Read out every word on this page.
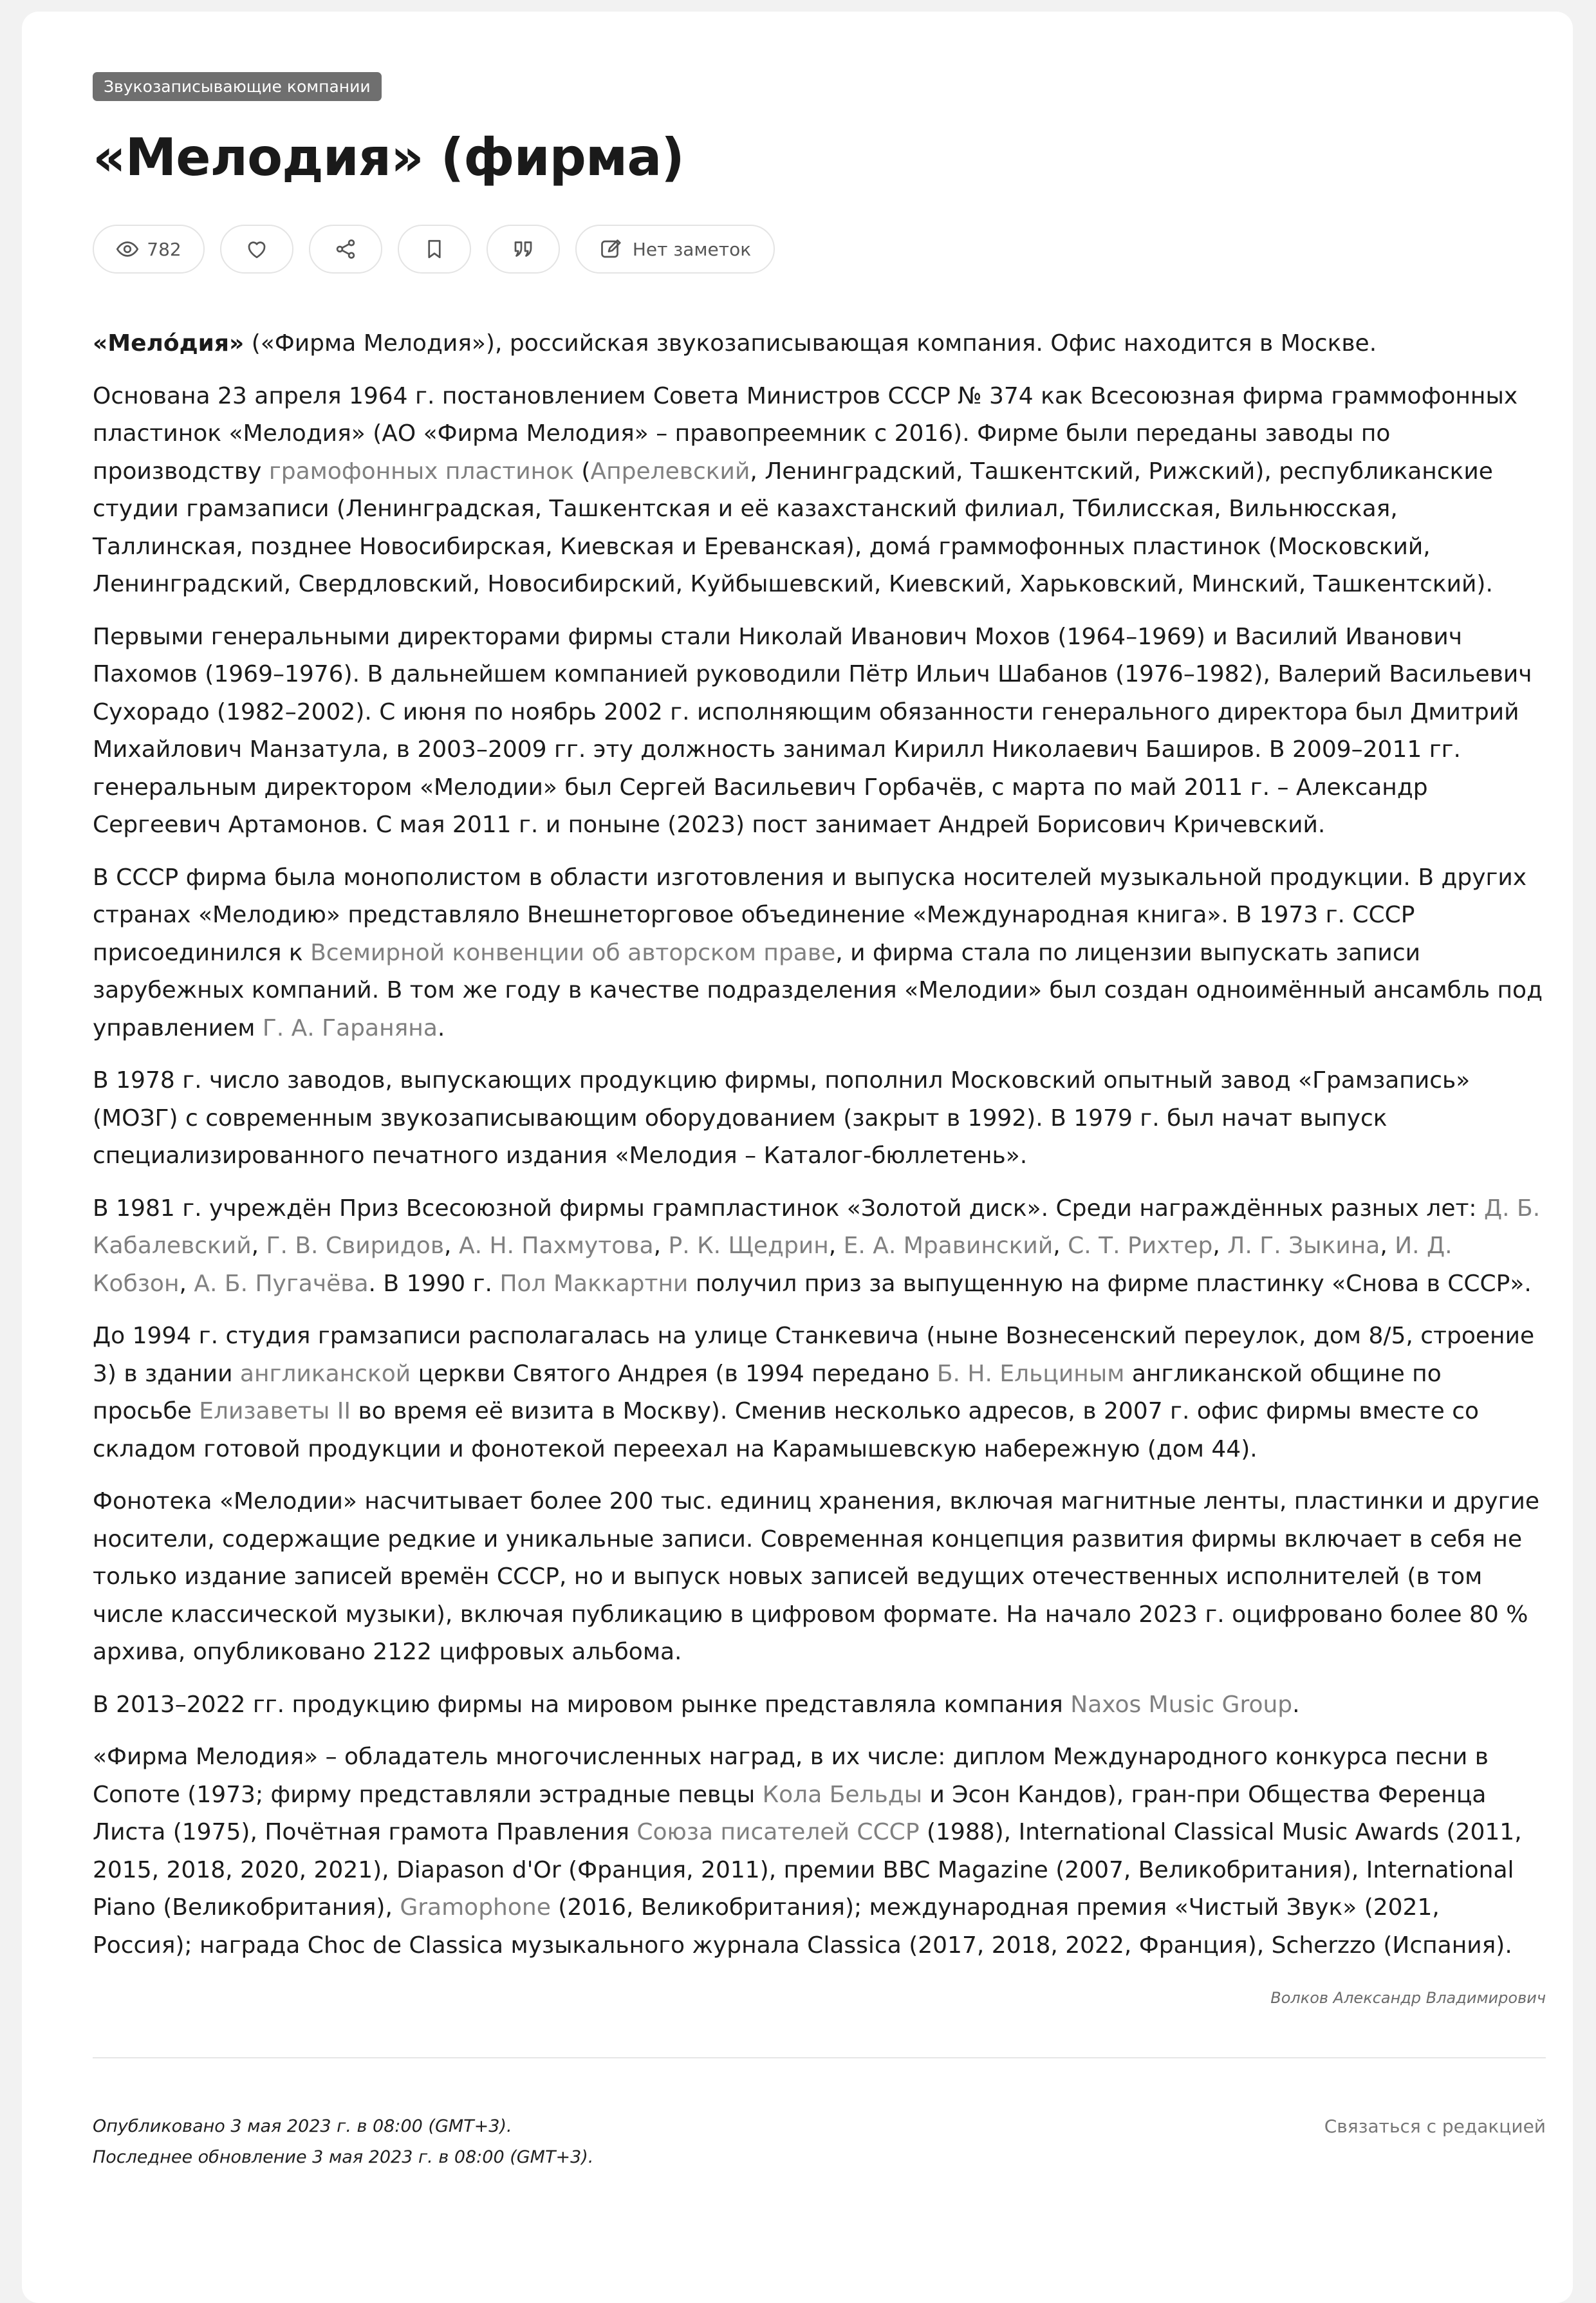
Звукозаписывающие компании
«Мелодия» (фирма)
782	Нет заметок

«Мело́дия» («Фирма Мелодия»), российская звукозаписывающая компания. Офис находится в Москве.

Основана 23 апреля 1964 г. постановлением Совета Министров СССР № 374 как Всесоюзная фирма граммофонных пластинок «Мелодия» (АО «Фирма Мелодия» – правопреемник с 2016). Фирме были переданы заводы по производству грамофонных пластинок (Апрелевский, Ленинградский, Ташкентский, Рижский), республиканские студии грамзаписи (Ленинградская, Ташкентская и её казахстанский филиал, Тбилисская, Вильнюсская, Таллинская, позднее Новосибирская, Киевская и Ереванская), дома́ граммофонных пластинок (Московский, Ленинградский, Свердловский, Новосибирский, Куйбышевский, Киевский, Харьковский, Минский, Ташкентский).

Первыми генеральными директорами фирмы стали Николай Иванович Мохов (1964–1969) и Василий Иванович Пахомов (1969–1976). В дальнейшем компанией руководили Пётр Ильич Шабанов (1976–1982), Валерий Васильевич Сухорадо (1982–2002). С июня по ноябрь 2002 г. исполняющим обязанности генерального директора был Дмитрий Михайлович Манзатула, в 2003–2009 гг. эту должность занимал Кирилл Николаевич Баширов. В 2009–2011 гг. генеральным директором «Мелодии» был Сергей Васильевич Горбачёв, с марта по май 2011 г. – Александр Сергеевич Артамонов. С мая 2011 г. и поныне (2023) пост занимает Андрей Борисович Кричевский.

В СССР фирма была монополистом в области изготовления и выпуска носителей музыкальной продукции. В других странах «Мелодию» представляло Внешнеторговое объединение «Международная книга». В 1973 г. СССР присоединился к Всемирной конвенции об авторском праве, и фирма стала по лицензии выпускать записи зарубежных компаний. В том же году в качестве подразделения «Мелодии» был создан одноимённый ансамбль под управлением Г. А. Гараняна.

В 1978 г. число заводов, выпускающих продукцию фирмы, пополнил Московский опытный завод «Грамзапись» (МОЗГ) с современным звукозаписывающим оборудованием (закрыт в 1992). В 1979 г. был начат выпуск специализированного печатного издания «Мелодия – Каталог-бюллетень».

В 1981 г. учреждён Приз Всесоюзной фирмы грампластинок «Золотой диск». Среди награждённых разных лет: Д. Б. Кабалевский, Г. В. Свиридов, А. Н. Пахмутова, Р. К. Щедрин, Е. А. Мравинский, С. Т. Рихтер, Л. Г. Зыкина, И. Д. Кобзон, А. Б. Пугачёва. В 1990 г. Пол Маккартни получил приз за выпущенную на фирме пластинку «Снова в СССР».

До 1994 г. студия грамзаписи располагалась на улице Станкевича (ныне Вознесенский переулок, дом 8/5, строение 3) в здании англиканской церкви Святого Андрея (в 1994 передано Б. Н. Ельциным англиканской общине по просьбе Елизаветы II во время её визита в Москву). Сменив несколько адресов, в 2007 г. офис фирмы вместе со складом готовой продукции и фонотекой переехал на Карамышевскую набережную (дом 44).

Фонотека «Мелодии» насчитывает более 200 тыс. единиц хранения, включая магнитные ленты, пластинки и другие носители, содержащие редкие и уникальные записи. Современная концепция развития фирмы включает в себя не только издание записей времён СССР, но и выпуск новых записей ведущих отечественных исполнителей (в том числе классической музыки), включая публикацию в цифровом формате. На начало 2023 г. оцифровано более 80 % архива, опубликовано 2122 цифровых альбома.

В 2013–2022 гг. продукцию фирмы на мировом рынке представляла компания Naxos Music Group.

«Фирма Мелодия» – обладатель многочисленных наград, в их числе: диплом Международного конкурса песни в Сопоте (1973; фирму представляли эстрадные певцы Кола Бельды и Эсон Кандов), гран-при Общества Ференца Листа (1975), Почётная грамота Правления Союза писателей СССР (1988), International Classical Music Awards (2011, 2015, 2018, 2020, 2021), Diapason d'Or (Франция, 2011), премии BBC Magazine (2007, Великобритания), International Piano (Великобритания), Gramophone (2016, Великобритания); международная премия «Чистый Звук» (2021, Россия); награда Choc de Classica музыкального журнала Classica (2017, 2018, 2022, Франция), Scherzzo (Испания).

Волков Александр Владимирович
Опубликовано 3 мая 2023 г. в 08:00 (GMT+3).
Последнее обновление 3 мая 2023 г. в 08:00 (GMT+3).
Связаться с редакцией
